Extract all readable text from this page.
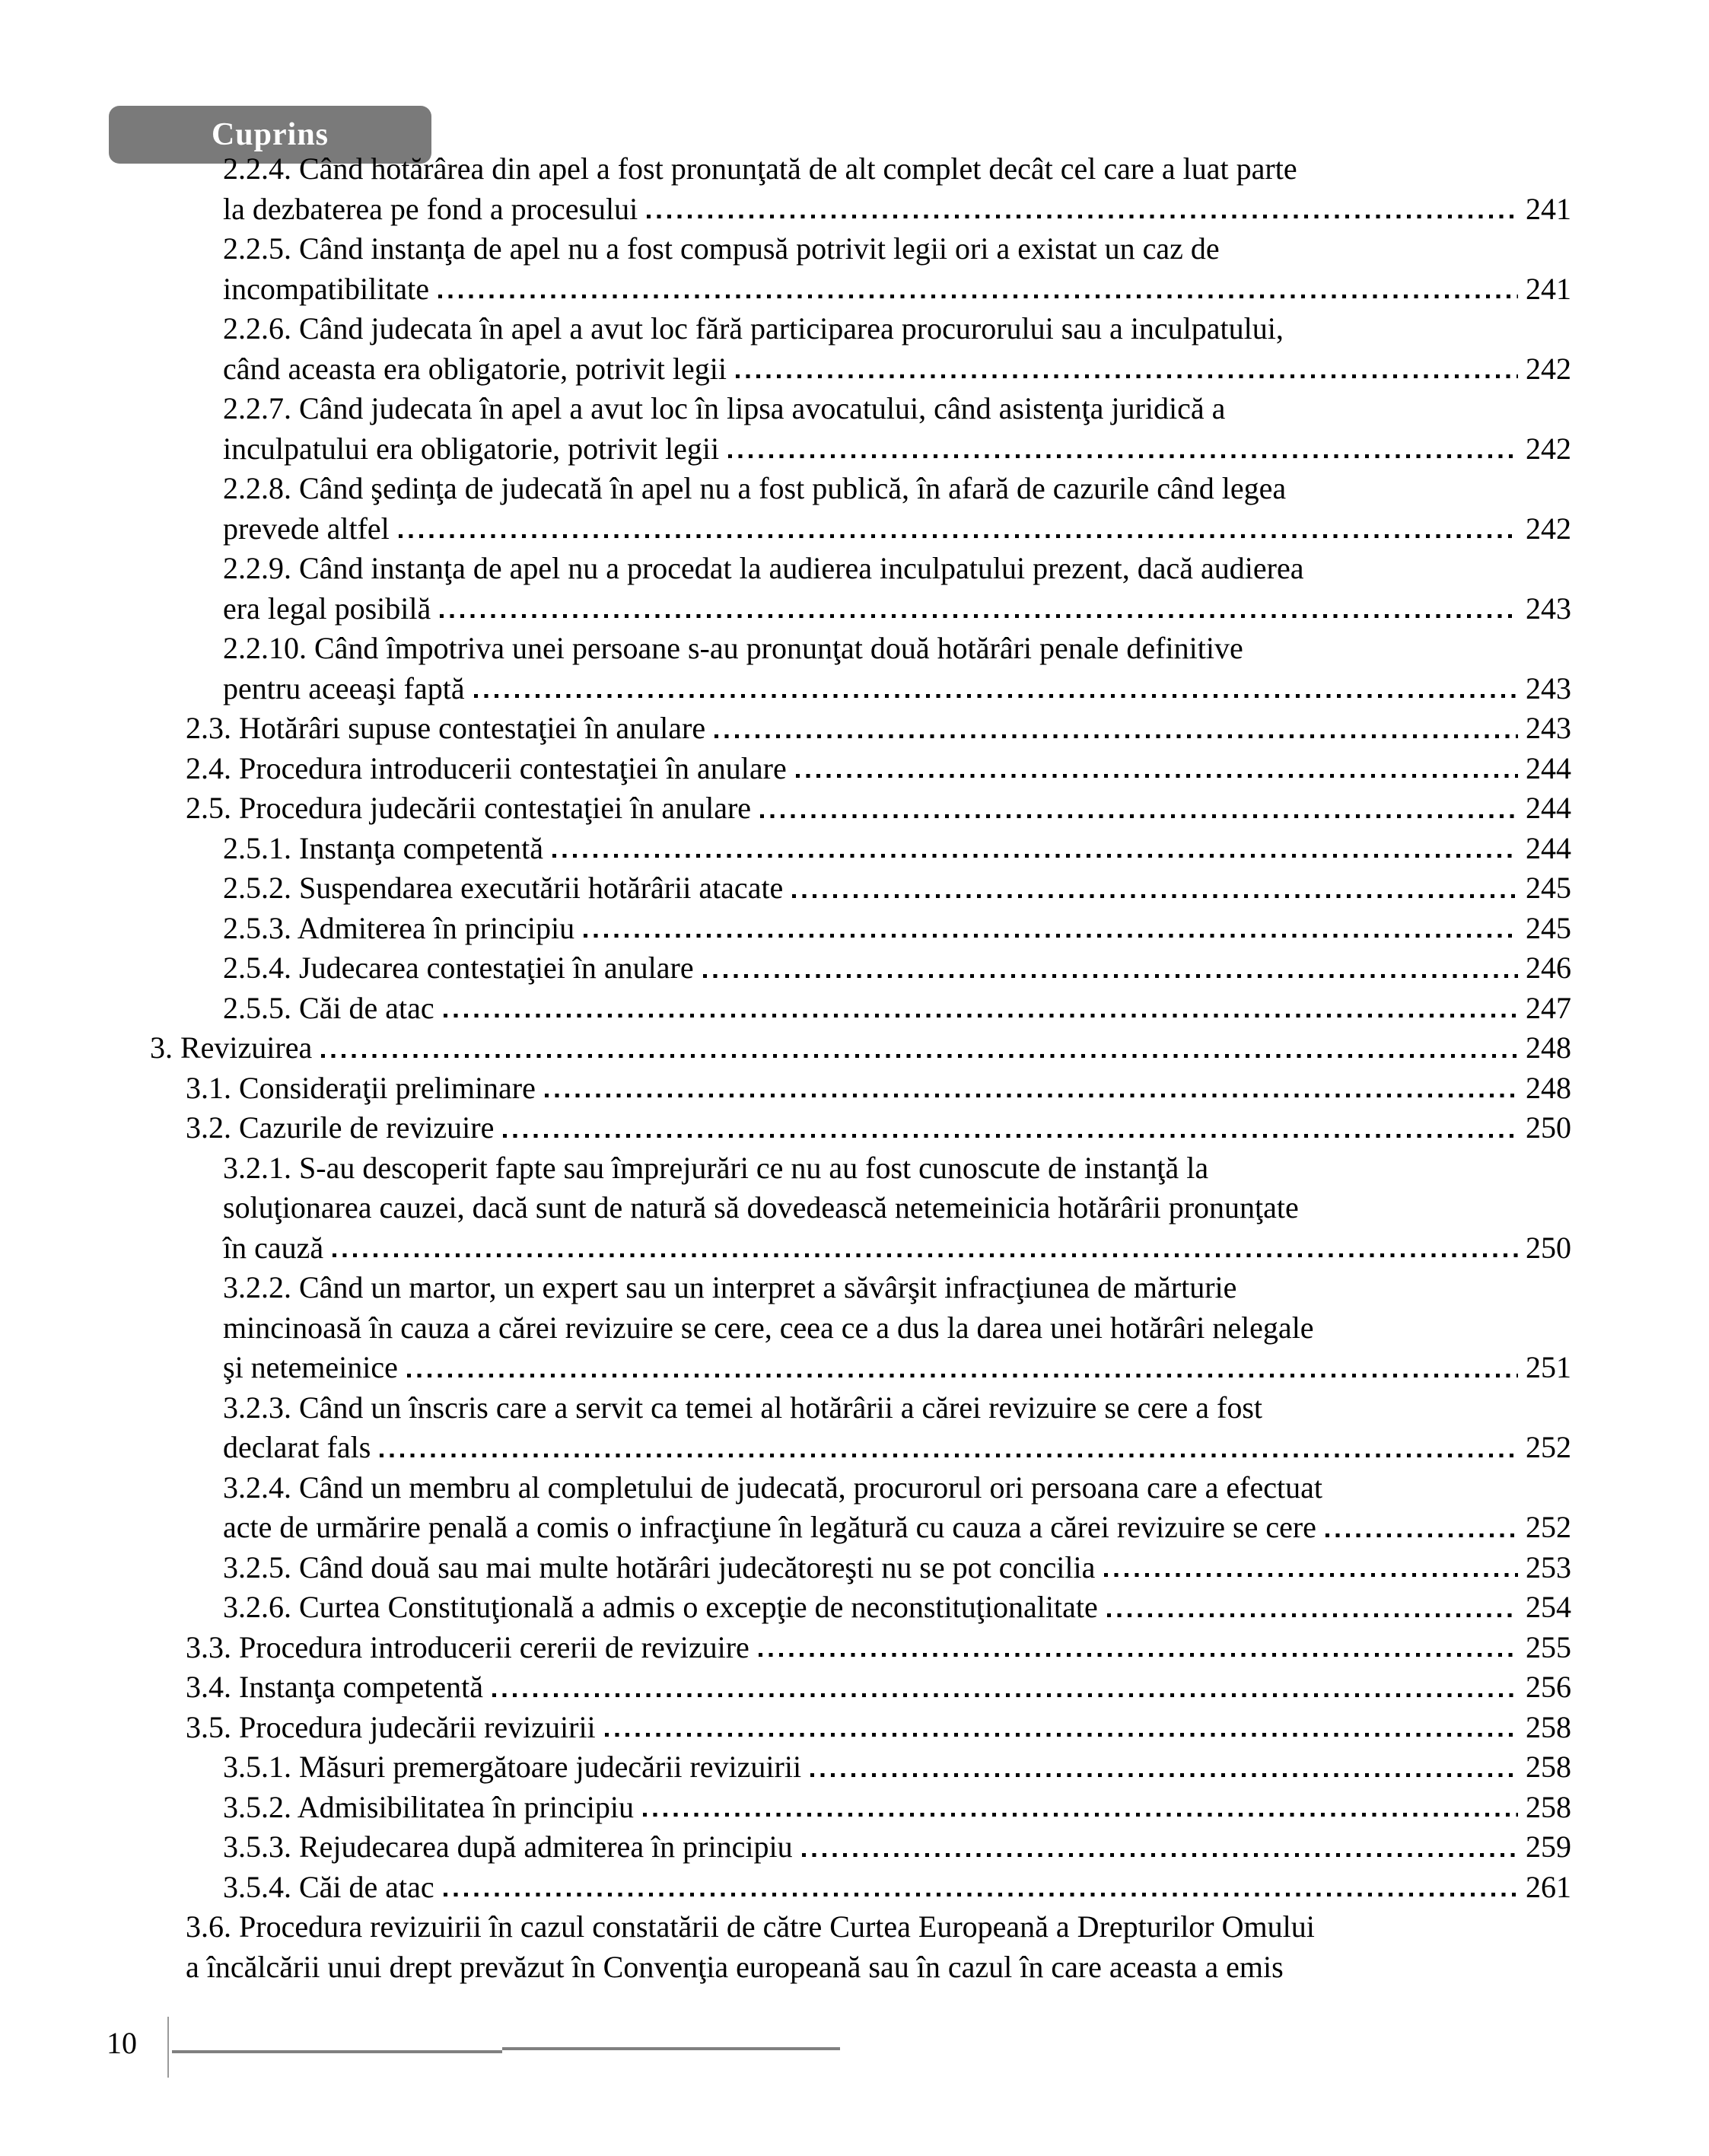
Cuprins
2.2.4. Când hotărârea din apel a fost pronunţată de alt complet decât cel care a luat parte
la dezbaterea pe fond a procesului	241
2.2.5. Când instanţa de apel nu a fost compusă potrivit legii ori a existat un caz de
incompatibilitate	241
2.2.6. Când judecata în apel a avut loc fără participarea procurorului sau a inculpatului,
când aceasta era obligatorie, potrivit legii	242
2.2.7. Când judecata în apel a avut loc în lipsa avocatului, când asistenţa juridică a
inculpatului era obligatorie, potrivit legii	242
2.2.8. Când şedinţa de judecată în apel nu a fost publică, în afară de cazurile când legea
prevede altfel	242
2.2.9. Când instanţa de apel nu a procedat la audierea inculpatului prezent, dacă audierea
era legal posibilă	243
2.2.10. Când împotriva unei persoane s-au pronunţat două hotărâri penale definitive
pentru aceeaşi faptă	243
2.3. Hotărâri supuse contestaţiei în anulare	243
2.4. Procedura introducerii contestaţiei în anulare	244
2.5. Procedura judecării contestaţiei în anulare	244
2.5.1. Instanţa competentă	244
2.5.2. Suspendarea executării hotărârii atacate	245
2.5.3. Admiterea în principiu	245
2.5.4. Judecarea contestaţiei în anulare	246
2.5.5. Căi de atac	247
3. Revizuirea	248
3.1. Consideraţii preliminare	248
3.2. Cazurile de revizuire	250
3.2.1. S-au descoperit fapte sau împrejurări ce nu au fost cunoscute de instanţă la
soluţionarea cauzei, dacă sunt de natură să dovedească netemeinicia hotărârii pronunţate
în cauză	250
3.2.2. Când un martor, un expert sau un interpret a săvârşit infracţiunea de mărturie
mincinoasă în cauza a cărei revizuire se cere, ceea ce a dus la darea unei hotărâri nelegale
şi netemeinice	251
3.2.3. Când un înscris care a servit ca temei al hotărârii a cărei revizuire se cere a fost
declarat fals	252
3.2.4. Când un membru al completului de judecată, procurorul ori persoana care a efectuat
acte de urmărire penală a comis o infracţiune în legătură cu cauza a cărei revizuire se cere	252
3.2.5. Când două sau mai multe hotărâri judecătoreşti nu se pot concilia	253
3.2.6. Curtea Constituţională a admis o excepţie de neconstituţionalitate	254
3.3. Procedura introducerii cererii de revizuire	255
3.4. Instanţa competentă	256
3.5. Procedura judecării revizuirii	258
3.5.1. Măsuri premergătoare judecării revizuirii	258
3.5.2. Admisibilitatea în principiu	258
3.5.3. Rejudecarea după admiterea în principiu	259
3.5.4. Căi de atac	261
3.6. Procedura revizuirii în cazul constatării de către Curtea Europeană a Drepturilor Omului
a încălcării unui drept prevăzut în Convenţia europeană sau în cazul în care aceasta a emis
10
